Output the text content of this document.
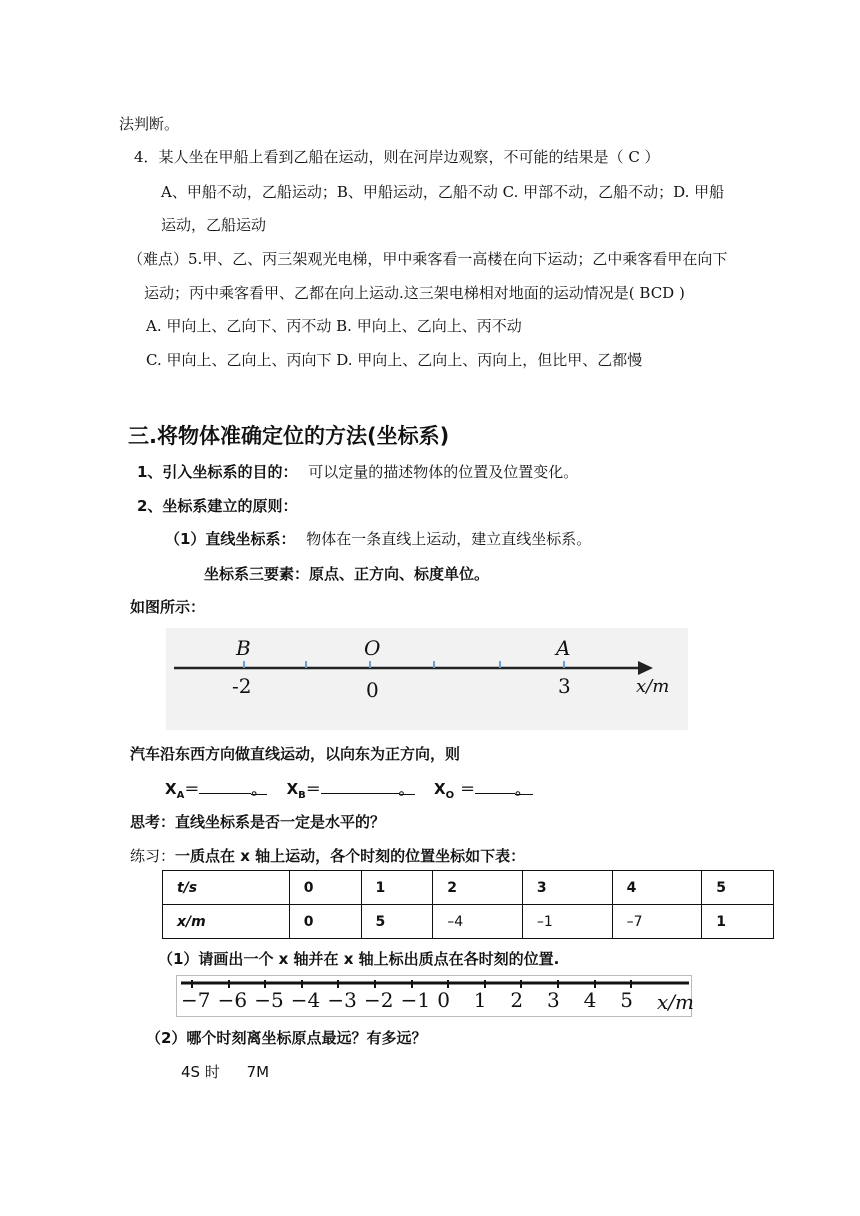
法判断。
4．某人坐在甲船上看到乙船在运动，则在河岸边观察，不可能的结果是（ C ）
A、甲船不动，乙船运动；B、甲船运动，乙船不动 C. 甲部不动，乙船不动；D. 甲船
运动，乙船运动
（难点）5.甲、乙、丙三架观光电梯，甲中乘客看一高楼在向下运动；乙中乘客看甲在向下
运动；丙中乘客看甲、乙都在向上运动.这三架电梯相对地面的运动情况是( BCD )
A. 甲向上、乙向下、丙不动 B. 甲向上、乙向上、丙不动
C. 甲向上、乙向上、丙向下 D. 甲向上、乙向上、丙向上，但比甲、乙都慢
三.将物体准确定位的方法(坐标系)
1、引入坐标系的目的： 可以定量的描述物体的位置及位置变化。
2、坐标系建立的原则：
（1）直线坐标系： 物体在一条直线上运动，建立直线坐标系。
坐标系三要素：原点、正方向、标度单位。
如图所示：
B
-2
O
0
A
3	x/m
汽车沿东西方向做直线运动，以向东为正方向，则
$X_A=$	。 $X_B=$	。 $X_O$ ＝	。
思考：直线坐标系是否一定是水平的？
练习：一质点在 x 轴上运动，各个时刻的位置坐标如下表：
t/s	0	1	2	3	4	5
x/m	0	5	–4	–1	–7	1
（1）请画出一个 x 轴并在 x 轴上标出质点在各时刻的位置.
−7 −6 −5 −4 −3 −2 −1 0 1 2 3 4 5 x/m
（2）哪个时刻离坐标原点最远？有多远？
4S 时 7M
